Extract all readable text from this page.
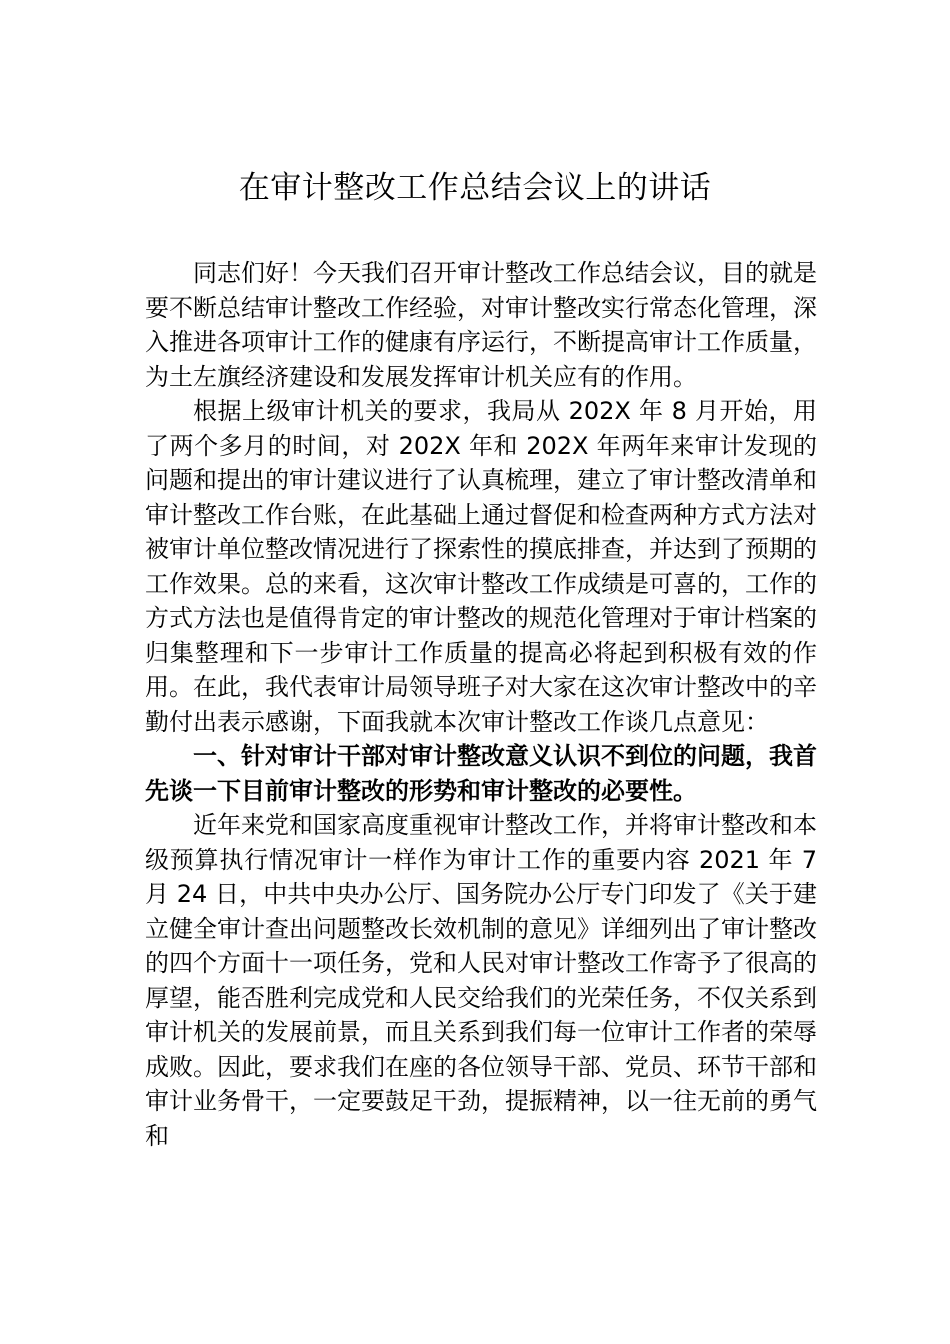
在审计整改工作总结会议上的讲话

同志们好！今天我们召开审计整改工作总结会议，目的就是要不断总结审计整改工作经验，对审计整改实行常态化管理，深入推进各项审计工作的健康有序运行，不断提高审计工作质量，为土左旗经济建设和发展发挥审计机关应有的作用。

根据上级审计机关的要求，我局从 202X 年 8 月开始，用了两个多月的时间，对 202X 年和 202X 年两年来审计发现的问题和提出的审计建议进行了认真梳理，建立了审计整改清单和审计整改工作台账，在此基础上通过督促和检查两种方式方法对被审计单位整改情况进行了探索性的摸底排查，并达到了预期的工作效果。总的来看，这次审计整改工作成绩是可喜的，工作的方式方法也是值得肯定的审计整改的规范化管理对于审计档案的归集整理和下一步审计工作质量的提高必将起到积极有效的作用。在此，我代表审计局领导班子对大家在这次审计整改中的辛勤付出表示感谢，下面我就本次审计整改工作谈几点意见：

一、针对审计干部对审计整改意义认识不到位的问题，我首先谈一下目前审计整改的形势和审计整改的必要性。

近年来党和国家高度重视审计整改工作，并将审计整改和本级预算执行情况审计一样作为审计工作的重要内容 2021 年 7 月 24 日，中共中央办公厅、国务院办公厅专门印发了《关于建立健全审计查出问题整改长效机制的意见》详细列出了审计整改的四个方面十一项任务，党和人民对审计整改工作寄予了很高的厚望，能否胜利完成党和人民交给我们的光荣任务，不仅关系到审计机关的发展前景，而且关系到我们每一位审计工作者的荣辱成败。因此，要求我们在座的各位领导干部、党员、环节干部和审计业务骨干，一定要鼓足干劲，提振精神，以一往无前的勇气和
